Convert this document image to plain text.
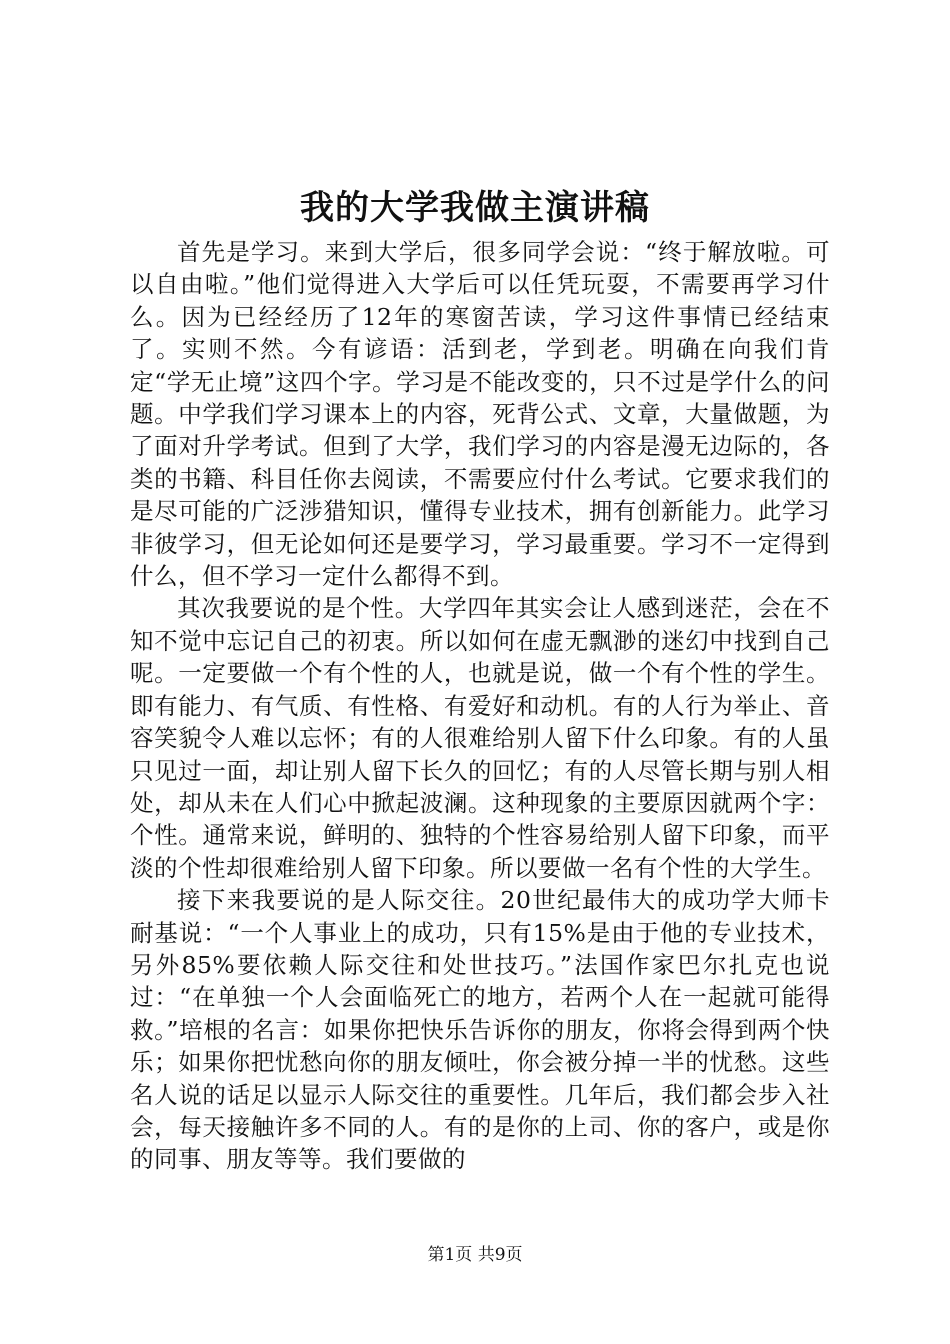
我的大学我做主演讲稿

首先是学习。来到大学后，很多同学会说：“终于解放啦。可以自由啦。”他们觉得进入大学后可以任凭玩耍，不需要再学习什么。因为已经经历了12年的寒窗苦读，学习这件事情已经结束了。实则不然。今有谚语：活到老，学到老。明确在向我们肯定“学无止境”这四个字。学习是不能改变的，只不过是学什么的问题。中学我们学习课本上的内容，死背公式、文章，大量做题，为了面对升学考试。但到了大学，我们学习的内容是漫无边际的，各类的书籍、科目任你去阅读，不需要应付什么考试。它要求我们的是尽可能的广泛涉猎知识，懂得专业技术，拥有创新能力。此学习非彼学习，但无论如何还是要学习，学习最重要。学习不一定得到什么，但不学习一定什么都得不到。

其次我要说的是个性。大学四年其实会让人感到迷茫，会在不知不觉中忘记自己的初衷。所以如何在虚无飘渺的迷幻中找到自己呢。一定要做一个有个性的人，也就是说，做一个有个性的学生。即有能力、有气质、有性格、有爱好和动机。有的人行为举止、音容笑貌令人难以忘怀；有的人很难给别人留下什么印象。有的人虽只见过一面，却让别人留下长久的回忆；有的人尽管长期与别人相处，却从未在人们心中掀起波澜。这种现象的主要原因就两个字：个性。通常来说，鲜明的、独特的个性容易给别人留下印象，而平淡的个性却很难给别人留下印象。所以要做一名有个性的大学生。

接下来我要说的是人际交往。20世纪最伟大的成功学大师卡耐基说：“一个人事业上的成功，只有15%是由于他的专业技术，另外85%要依赖人际交往和处世技巧。”法国作家巴尔扎克也说过：“在单独一个人会面临死亡的地方，若两个人在一起就可能得救。”培根的名言：如果你把快乐告诉你的朋友，你将会得到两个快乐；如果你把忧愁向你的朋友倾吐，你会被分掉一半的忧愁。这些名人说的话足以显示人际交往的重要性。几年后，我们都会步入社会，每天接触许多不同的人。有的是你的上司、你的客户，或是你的同事、朋友等等。我们要做的

第1页 共9页
